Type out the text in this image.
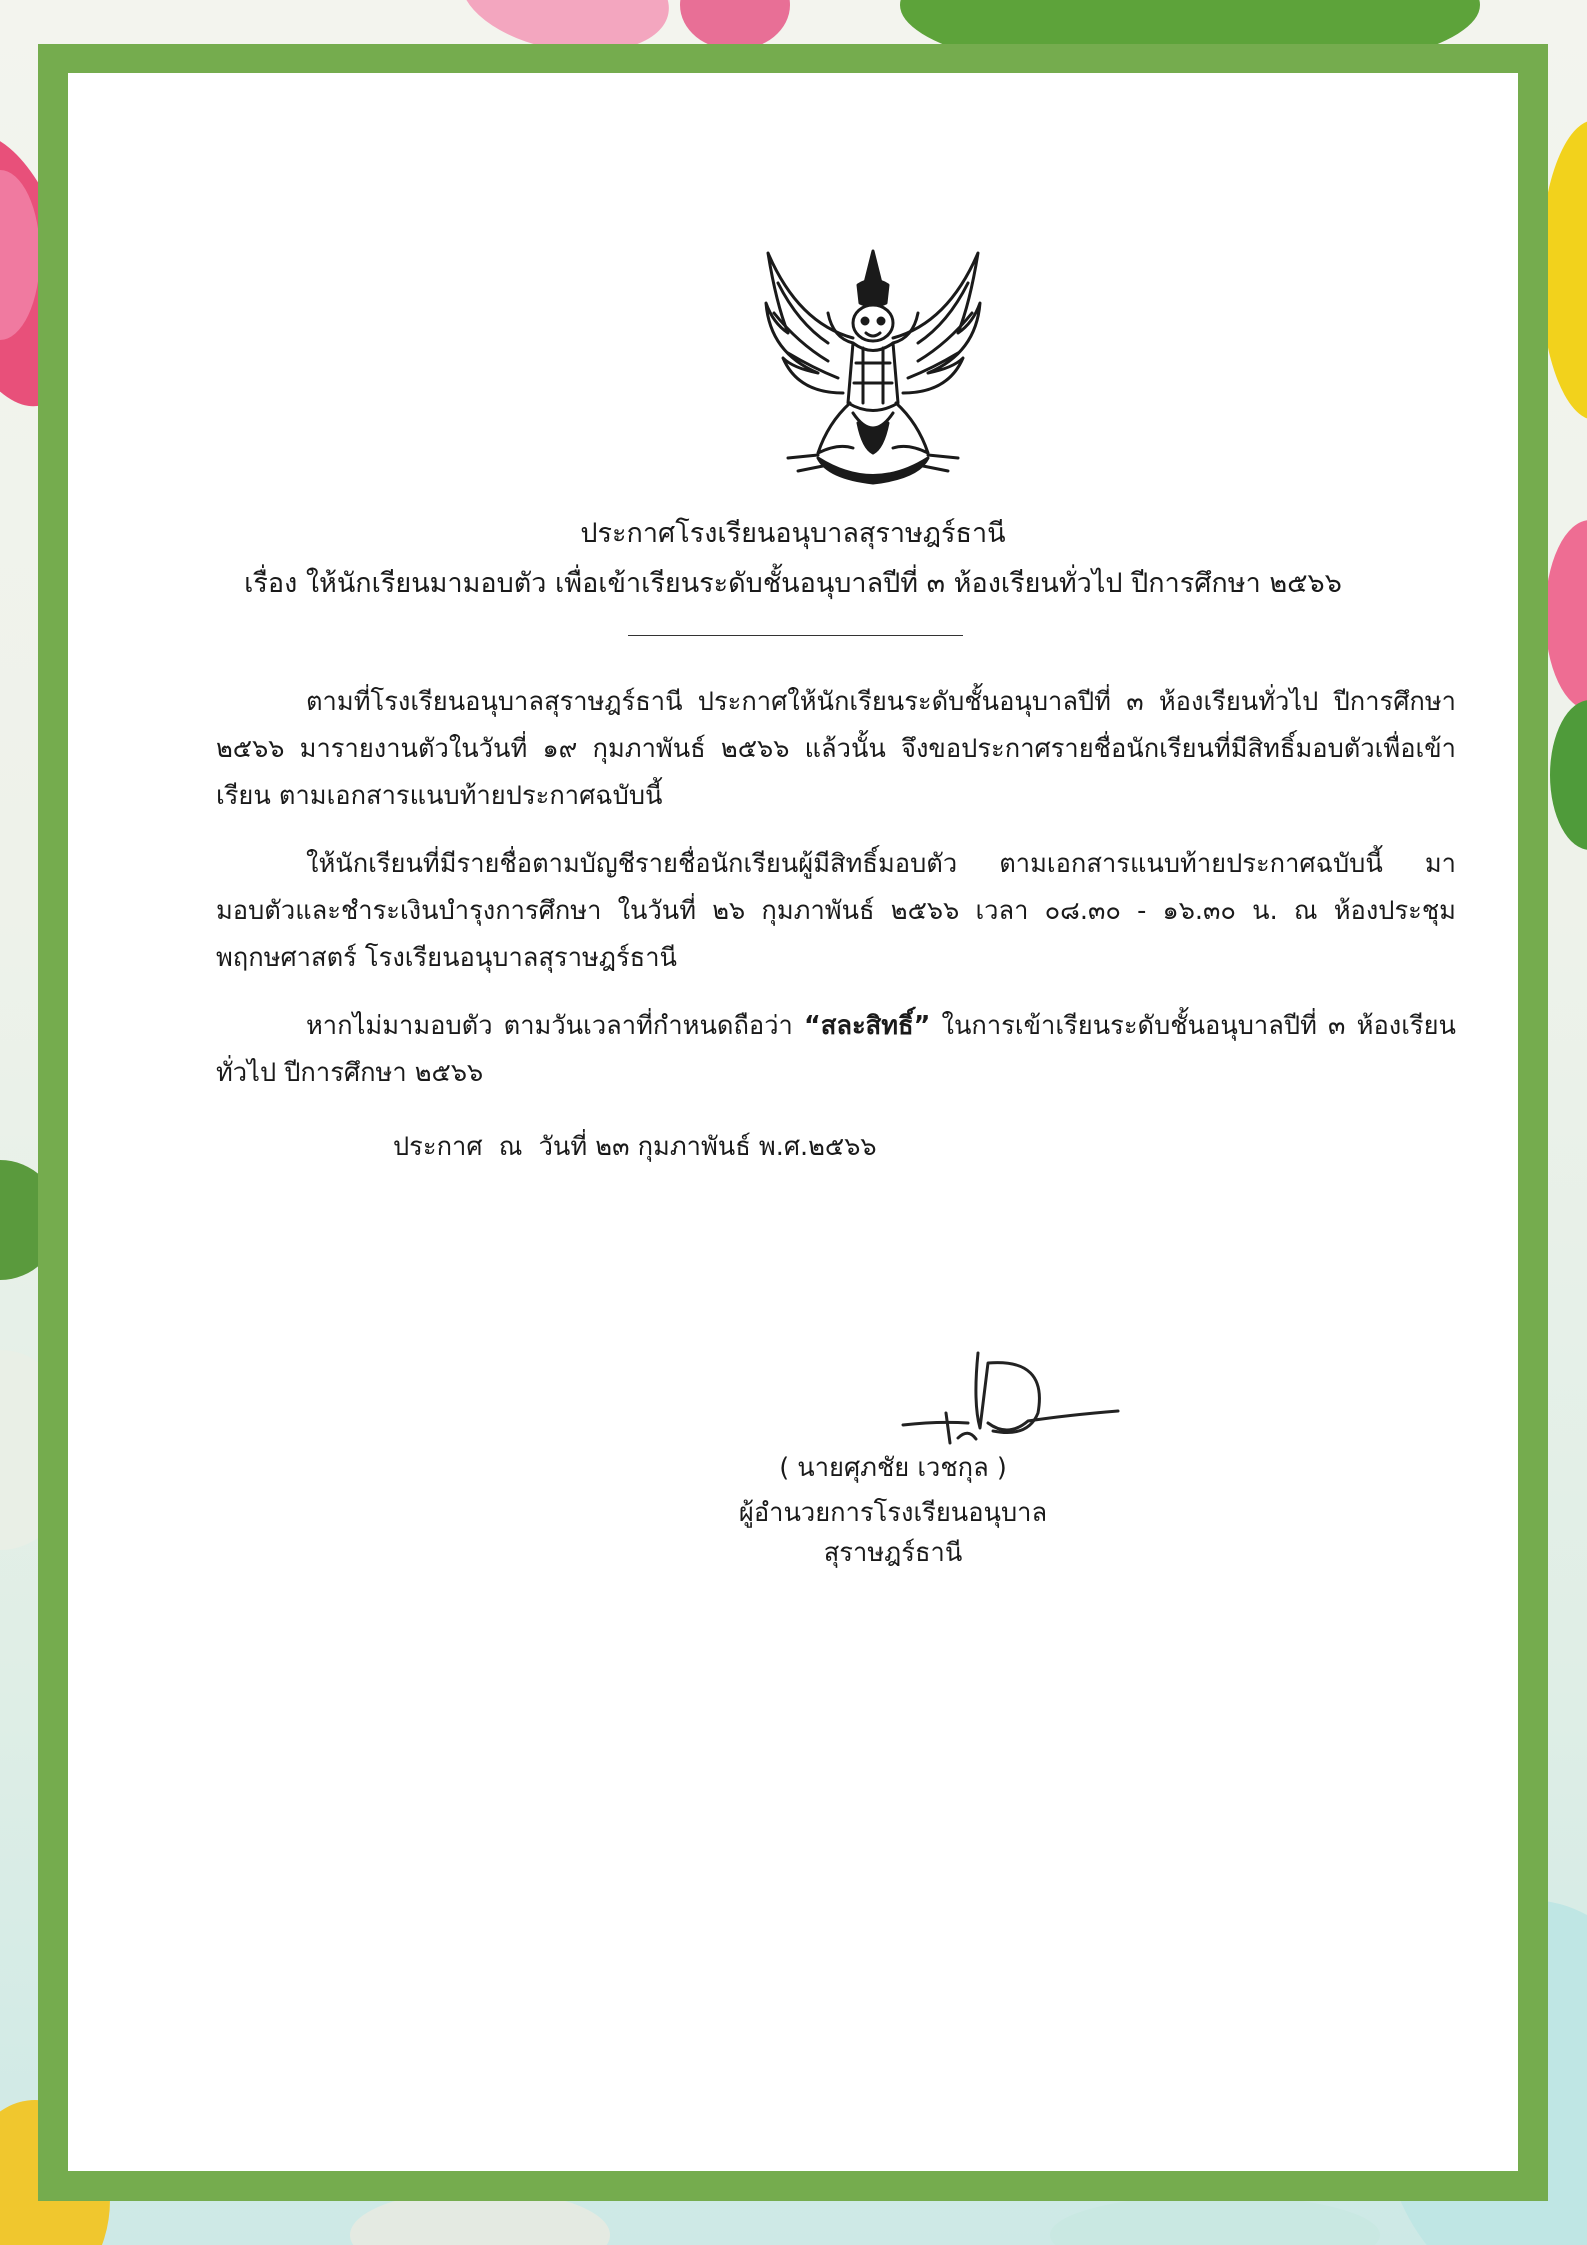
ประกาศโรงเรียนอนุบาลสุราษฎร์ธานี
เรื่อง ให้นักเรียนมามอบตัว เพื่อเข้าเรียนระดับชั้นอนุบาลปีที่ ๓ ห้องเรียนทั่วไป ปีการศึกษา ๒๕๖๖
ตามที่โรงเรียนอนุบาลสุราษฎร์ธานี ประกาศให้นักเรียนระดับชั้นอนุบาลปีที่ ๓ ห้องเรียนทั่วไป ปีการศึกษา ๒๕๖๖ มารายงานตัวในวันที่ ๑๙ กุมภาพันธ์ ๒๕๖๖ แล้วนั้น จึงขอประกาศรายชื่อนักเรียนที่มีสิทธิ์มอบตัวเพื่อเข้าเรียน ตามเอกสารแนบท้ายประกาศฉบับนี้
ให้นักเรียนที่มีรายชื่อตามบัญชีรายชื่อนักเรียนผู้มีสิทธิ์มอบตัว ตามเอกสารแนบท้ายประกาศฉบับนี้ มามอบตัวและชำระเงินบำรุงการศึกษา ในวันที่ ๒๖ กุมภาพันธ์ ๒๕๖๖ เวลา ๐๘.๓๐ - ๑๖.๓๐ น. ณ ห้องประชุมพฤกษศาสตร์ โรงเรียนอนุบาลสุราษฎร์ธานี
หากไม่มามอบตัว ตามวันเวลาที่กำหนดถือว่า “สละสิทธิ์” ในการเข้าเรียนระดับชั้นอนุบาลปีที่ ๓ ห้องเรียนทั่วไป ปีการศึกษา ๒๕๖๖
ประกาศ  ณ  วันที่ ๒๓ กุมภาพันธ์ พ.ศ.๒๕๖๖
( นายศุภชัย เวชกุล )
ผู้อำนวยการโรงเรียนอนุบาลสุราษฎร์ธานี
